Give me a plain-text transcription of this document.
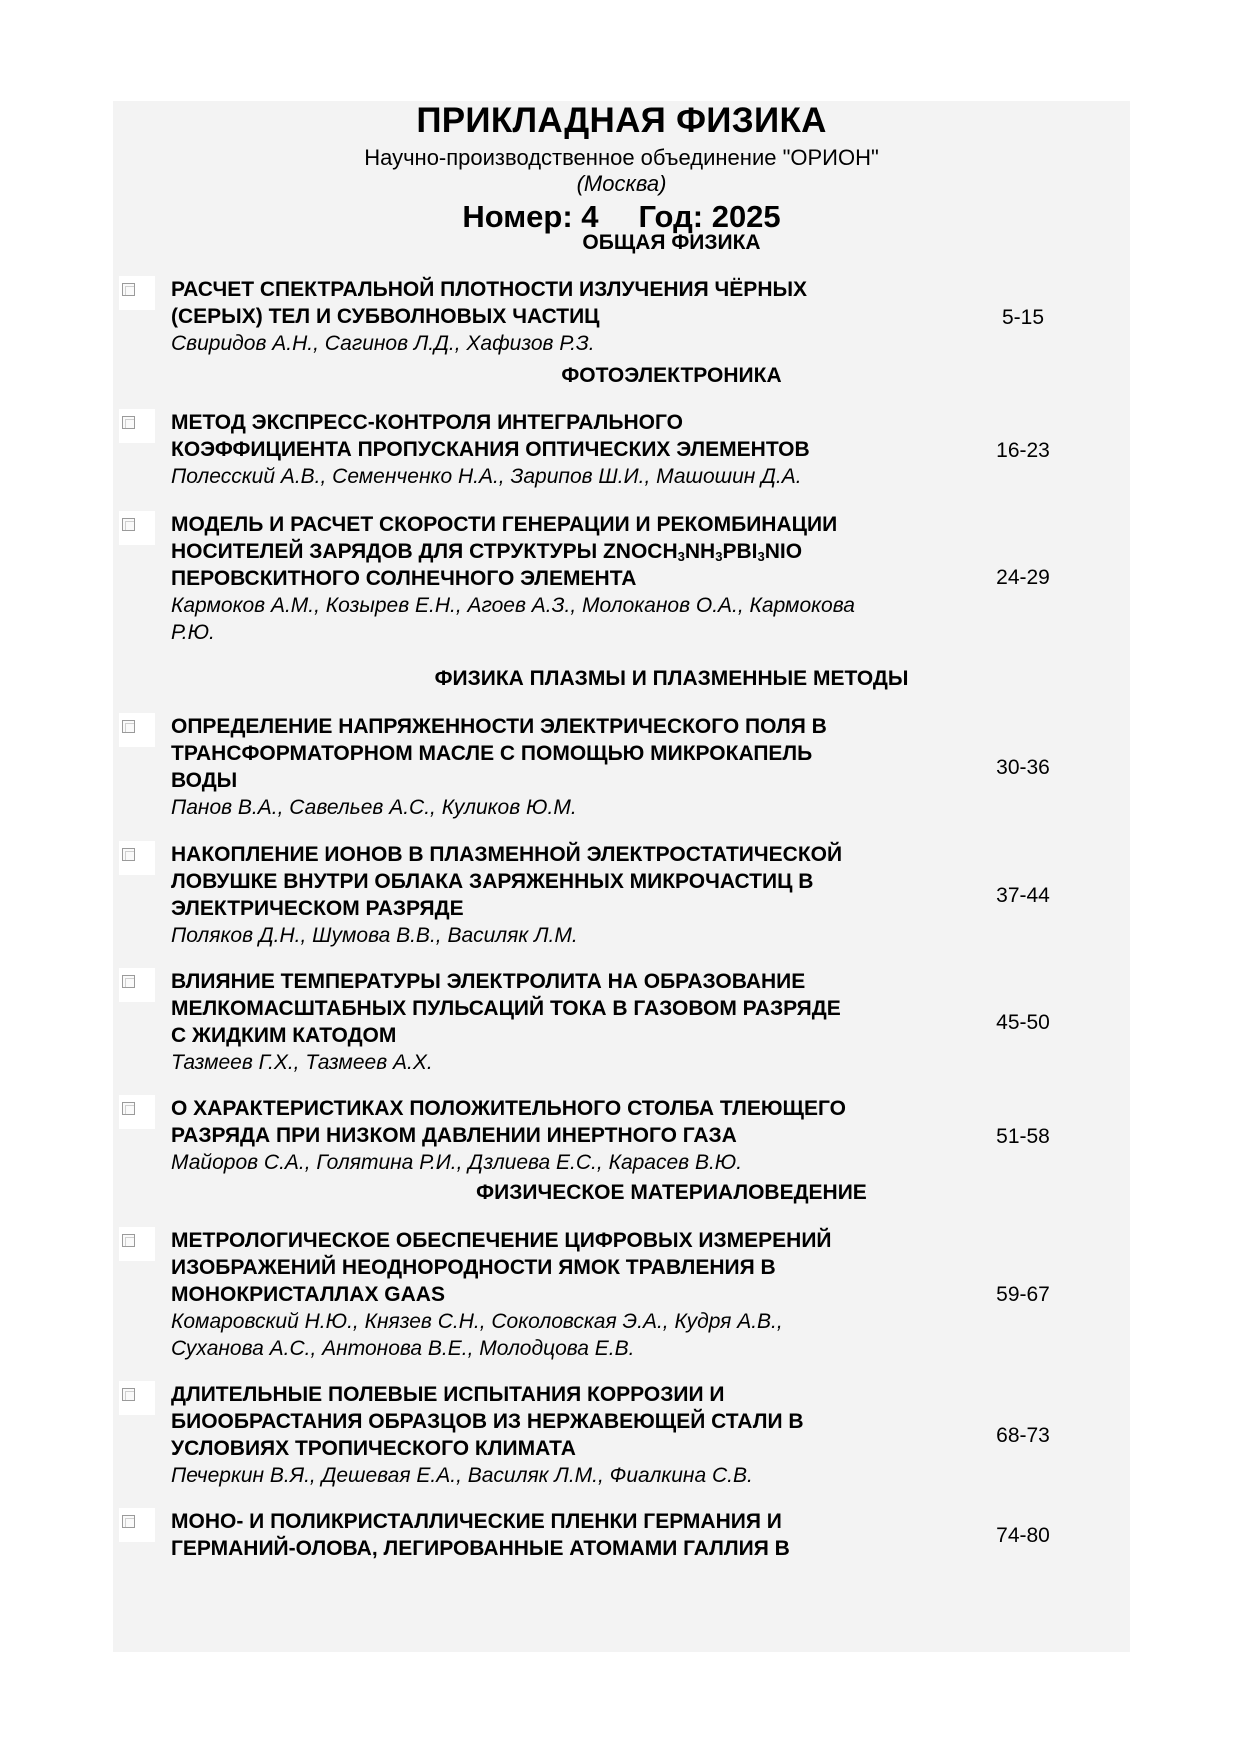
ПРИКЛАДНАЯ ФИЗИКА
Научно-производственное объединение "ОРИОН"
(Москва)
Номер: 4 Год: 2025
ОБЩАЯ ФИЗИКА
РАСЧЕТ СПЕКТРАЛЬНОЙ ПЛОТНОСТИ ИЗЛУЧЕНИЯ ЧЁРНЫХ
(СЕРЫХ) ТЕЛ И СУБВОЛНОВЫХ ЧАСТИЦ
Свиридов А.Н., Сагинов Л.Д., Хафизов Р.З.
5-15
ФОТОЭЛЕКТРОНИКА
МЕТОД ЭКСПРЕСС-КОНТРОЛЯ ИНТЕГРАЛЬНОГО
КОЭФФИЦИЕНТА ПРОПУСКАНИЯ ОПТИЧЕСКИХ ЭЛЕМЕНТОВ
Полесский А.В., Семенченко Н.А., Зарипов Ш.И., Машошин Д.А.
16-23
МОДЕЛЬ И РАСЧЕТ СКОРОСТИ ГЕНЕРАЦИИ И РЕКОМБИНАЦИИ
НОСИТЕЛЕЙ ЗАРЯДОВ ДЛЯ СТРУКТУРЫ $ZNOCH_3NH_3PBI_3NIO$
ПЕРОВСКИТНОГО СОЛНЕЧНОГО ЭЛЕМЕНТА
Кармоков А.М., Козырев Е.Н., Агоев А.З., Молоканов О.А., Кармокова
Р.Ю.
24-29
ФИЗИКА ПЛАЗМЫ И ПЛАЗМЕННЫЕ МЕТОДЫ
ОПРЕДЕЛЕНИЕ НАПРЯЖЕННОСТИ ЭЛЕКТРИЧЕСКОГО ПОЛЯ В
ТРАНСФОРМАТОРНОМ МАСЛЕ С ПОМОЩЬЮ МИКРОКАПЕЛЬ
ВОДЫ
Панов В.А., Савельев А.С., Куликов Ю.М.
30-36
НАКОПЛЕНИЕ ИОНОВ В ПЛАЗМЕННОЙ ЭЛЕКТРОСТАТИЧЕСКОЙ
ЛОВУШКЕ ВНУТРИ ОБЛАКА ЗАРЯЖЕННЫХ МИКРОЧАСТИЦ В
ЭЛЕКТРИЧЕСКОМ РАЗРЯДЕ
Поляков Д.Н., Шумова В.В., Василяк Л.М.
37-44
ВЛИЯНИЕ ТЕМПЕРАТУРЫ ЭЛЕКТРОЛИТА НА ОБРАЗОВАНИЕ
МЕЛКОМАСШТАБНЫХ ПУЛЬСАЦИЙ ТОКА В ГАЗОВОМ РАЗРЯДЕ
С ЖИДКИМ КАТОДОМ
Тазмеев Г.Х., Тазмеев А.Х.
45-50
О ХАРАКТЕРИСТИКАХ ПОЛОЖИТЕЛЬНОГО СТОЛБА ТЛЕЮЩЕГО
РАЗРЯДА ПРИ НИЗКОМ ДАВЛЕНИИ ИНЕРТНОГО ГАЗА
Майоров С.А., Голятина Р.И., Дзлиева Е.С., Карасев В.Ю.
51-58
ФИЗИЧЕСКОЕ МАТЕРИАЛОВЕДЕНИЕ
МЕТРОЛОГИЧЕСКОЕ ОБЕСПЕЧЕНИЕ ЦИФРОВЫХ ИЗМЕРЕНИЙ
ИЗОБРАЖЕНИЙ НЕОДНОРОДНОСТИ ЯМОК ТРАВЛЕНИЯ В
МОНОКРИСТАЛЛАХ GAAS
Комаровский Н.Ю., Князев С.Н., Соколовская Э.А., Кудря А.В.,
Суханова А.С., Антонова В.Е., Молодцова Е.В.
59-67
ДЛИТЕЛЬНЫЕ ПОЛЕВЫЕ ИСПЫТАНИЯ КОРРОЗИИ И
БИООБРАСТАНИЯ ОБРАЗЦОВ ИЗ НЕРЖАВЕЮЩЕЙ СТАЛИ В
УСЛОВИЯХ ТРОПИЧЕСКОГО КЛИМАТА
Печеркин В.Я., Дешевая Е.А., Василяк Л.М., Фиалкина С.В.
68-73
МОНО- И ПОЛИКРИСТАЛЛИЧЕСКИЕ ПЛЕНКИ ГЕРМАНИЯ И
ГЕРМАНИЙ-ОЛОВА, ЛЕГИРОВАННЫЕ АТОМАМИ ГАЛЛИЯ В
74-80
